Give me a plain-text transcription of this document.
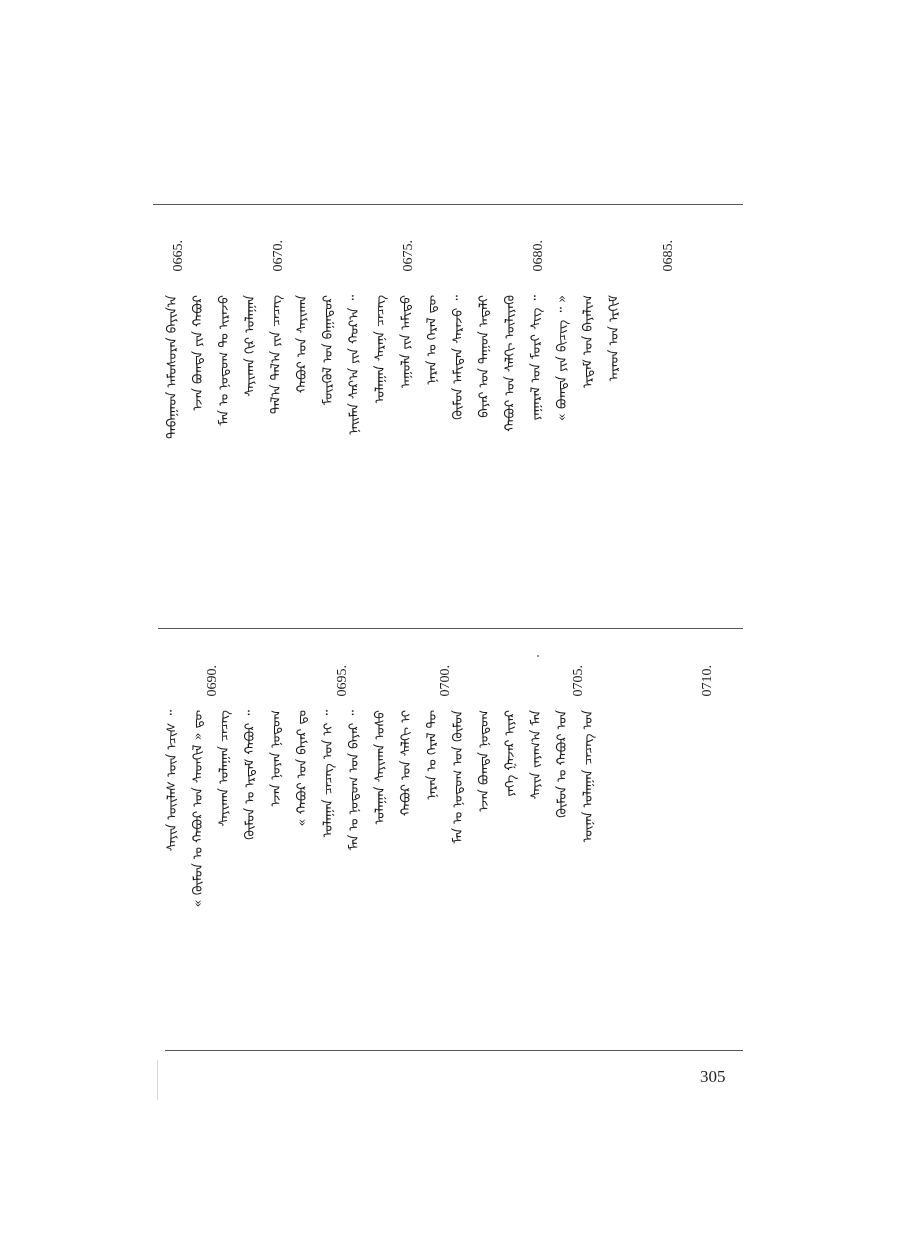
0665.	0670.	0675.	0680.	0685.
ᠳᠠᠪᠠᠭᠠᠳ ᠠᠮᠤᠰᠤᠷᠠᠨ ᠪᠠᠶᠢᠨ᠎ᠠ ᠡᠵᠡᠨ ᠪᠣᠭᠳᠠ ᠶᠢᠨ ᠬᠠᠪᠤᠷ ᠮᠠᠨ ᠤ ᠨᠤᠲᠤᠭ ᠲᠤ ᠢᠷᠡᠵᠦ ᠰᠠᠶᠢᠬᠠᠨ ᠬᠢᠷ ᠤᠯᠠᠭᠠᠨ ᠲᠠᠯ᠎ᠠ ᠳᠠᠯ᠎ᠠ ᠶᠢᠨ ᠴᠡᠴᠡᠭ ᠬᠠᠪᠤᠷ ᠤᠨ ᠰᠠᠶᠢᠬᠠᠨ ᠮᠥᠷᠭᠥᠯ ᠤᠨ ᠪᠠᠭᠠᠲᠤᠷ ᠨᠠᠢᠮᠠᠨ ᠰᠠᠷ᠎ᠠ ᠶᠢᠨ ᠬᠤᠷ᠎ᠠ ᠃ ᠤᠯᠠᠭᠠᠨ ᠰᠠᠷᠠᠨᠠ ᠴᠡᠴᠡᠭ ᠠᠭᠤᠯᠠ ᠶᠢᠨ ᠠᠮᠢᠳᠤ ᠨᠠᠷᠠᠨ ᠤ ᠭᠡᠷᠡᠯ ᠳᠦ ᠬᠦᠮᠦᠨ ᠠᠮᠢᠲᠠᠨ ᠰᠡᠷᠡᠵᠦ ᠃ ᠪᠠᠶᠠᠷ ᠤᠨ ᠳᠠᠭᠤᠨ ᠠᠳᠠᠯᠢ ᠬᠠᠪᠤᠷ ᠤᠨ ᠰᠠᠯᠬᠢ ᠦᠯᠢᠶᠡᠬᠦ ᠶᠠᠭᠠᠷᠠᠯ ᠤᠨ ᠮᠣᠷᠢ ᠰᠢᠭ ᠃ « ᠪᠣᠭᠳᠠ ᠶᠢᠨ ᠪᠢᠴᠢᠭ ᠃ » ᠡᠷᠳᠡᠮ ᠤᠨ ᠪᠠᠶᠠᠯᠢᠭ ᠠᠷᠠᠳ ᠤᠨ ᠡᠷᠬᠢᠮ
0690.	0695.	0700.	0705.	0710.
ᠰᠠᠶᠢᠨ ᠦᠢᠯᠡᠰ ᠦᠨ ᠡᠴᠢᠰ ᠃ « ᠬᠦᠮᠦᠨ ᠤ ᠬᠠᠪᠤᠷ ᠤᠨ ᠰᠡᠳᠬᠢᠯ » ᠳᠦ ᠰᠠᠶᠢᠬᠠᠨ ᠤᠯᠠᠭᠠᠨ ᠴᠡᠴᠡᠭ ᠬᠦᠮᠦᠨ ᠤ ᠡᠷᠳᠡᠮ ᠬᠠᠪᠤᠷ ᠃ ᠡᠵᠡᠨ ᠨᠣᠶᠠᠨ ᠨᠤᠲᠤᠭ « ᠬᠠᠪᠤᠷ ᠤᠨ ᠪᠠᠶᠠᠷ ᠳᠤ ᠤᠯᠠᠭᠠᠨ ᠴᠡᠴᠡᠭ ᠤᠨ ᠢ ᠃ ᠮᠠᠨ ᠤ ᠨᠤᠲᠤᠭ ᠤᠨ ᠪᠠᠶᠠᠷ ᠃ ᠤᠯᠠᠭᠠᠨ ᠰᠠᠶᠢᠬᠠᠨ ᠤᠰᠤ ᠬᠠᠪᠤᠷ ᠤᠨ ᠰᠠᠯᠬᠢ ᠢ ᠨᠠᠷᠠᠨ ᠤ ᠭᠡᠷᠡᠯ ᠲᠦ ᠮᠠᠨ ᠤ ᠨᠤᠲᠤᠭ ᠤᠨ ᠬᠦᠮᠦᠨ ᠡᠵᠡᠨ ᠪᠣᠭᠳᠠ ᠨᠤᠲᠤᠭ ᠶᠡᠬᠡ ᠭᠠᠵᠠᠷ ᠢᠶᠠᠷ ᠰᠠᠶᠢᠨ ᠵᠠᠶᠠᠭ᠎ᠠ ᠮᠠᠨ ᠬᠦᠮᠦᠨ ᠤ ᠬᠠᠪᠤᠷ ᠤᠨ ᠦᠨᠡᠨ ᠤᠯᠠᠭᠠᠨ ᠴᠡᠴᠡᠭ ᠤᠨ
305
